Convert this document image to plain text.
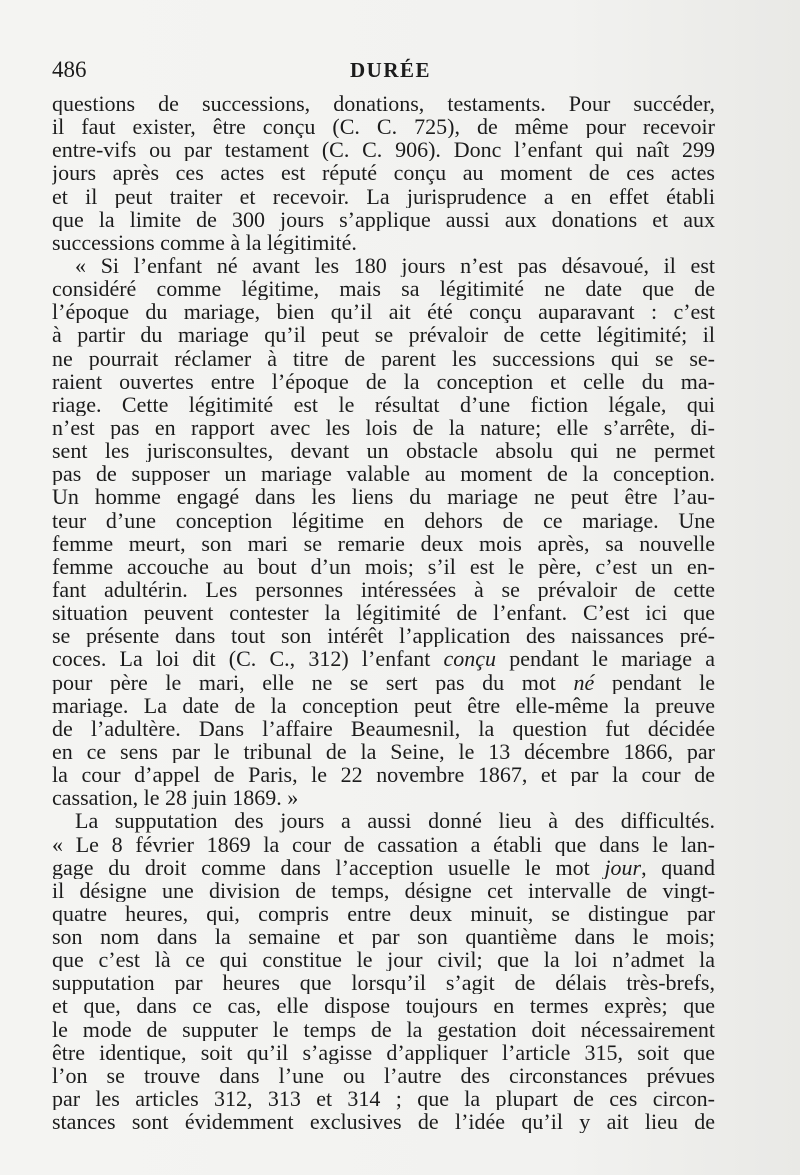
486	DURÉE
questions de successions, donations, testaments. Pour succéder,
il faut exister, être conçu (C. C. 725), de même pour recevoir
entre-vifs ou par testament (C. C. 906). Donc l’enfant qui naît 299
jours après ces actes est réputé conçu au moment de ces actes
et il peut traiter et recevoir. La jurisprudence a en effet établi
que la limite de 300 jours s’applique aussi aux donations et aux
successions comme à la légitimité.
« Si l’enfant né avant les 180 jours n’est pas désavoué, il est
considéré comme légitime, mais sa légitimité ne date que de
l’époque du mariage, bien qu’il ait été conçu auparavant : c’est
à partir du mariage qu’il peut se prévaloir de cette légitimité; il
ne pourrait réclamer à titre de parent les successions qui se se-
raient ouvertes entre l’époque de la conception et celle du ma-
riage. Cette légitimité est le résultat d’une fiction légale, qui
n’est pas en rapport avec les lois de la nature; elle s’arrête, di-
sent les jurisconsultes, devant un obstacle absolu qui ne permet
pas de supposer un mariage valable au moment de la conception.
Un homme engagé dans les liens du mariage ne peut être l’au-
teur d’une conception légitime en dehors de ce mariage. Une
femme meurt, son mari se remarie deux mois après, sa nouvelle
femme accouche au bout d’un mois; s’il est le père, c’est un en-
fant adultérin. Les personnes intéressées à se prévaloir de cette
situation peuvent contester la légitimité de l’enfant. C’est ici que
se présente dans tout son intérêt l’application des naissances pré-
coces. La loi dit (C. C., 312) l’enfant conçu pendant le mariage a
pour père le mari, elle ne se sert pas du mot né pendant le
mariage. La date de la conception peut être elle-même la preuve
de l’adultère. Dans l’affaire Beaumesnil, la question fut décidée
en ce sens par le tribunal de la Seine, le 13 décembre 1866, par
la cour d’appel de Paris, le 22 novembre 1867, et par la cour de
cassation, le 28 juin 1869. »
La supputation des jours a aussi donné lieu à des difficultés.
« Le 8 février 1869 la cour de cassation a établi que dans le lan-
gage du droit comme dans l’acception usuelle le mot jour, quand
il désigne une division de temps, désigne cet intervalle de vingt-
quatre heures, qui, compris entre deux minuit, se distingue par
son nom dans la semaine et par son quantième dans le mois;
que c’est là ce qui constitue le jour civil; que la loi n’admet la
supputation par heures que lorsqu’il s’agit de délais très-brefs,
et que, dans ce cas, elle dispose toujours en termes exprès; que
le mode de supputer le temps de la gestation doit nécessairement
être identique, soit qu’il s’agisse d’appliquer l’article 315, soit que
l’on se trouve dans l’une ou l’autre des circonstances prévues
par les articles 312, 313 et 314 ; que la plupart de ces circon-
stances sont évidemment exclusives de l’idée qu’il y ait lieu de
